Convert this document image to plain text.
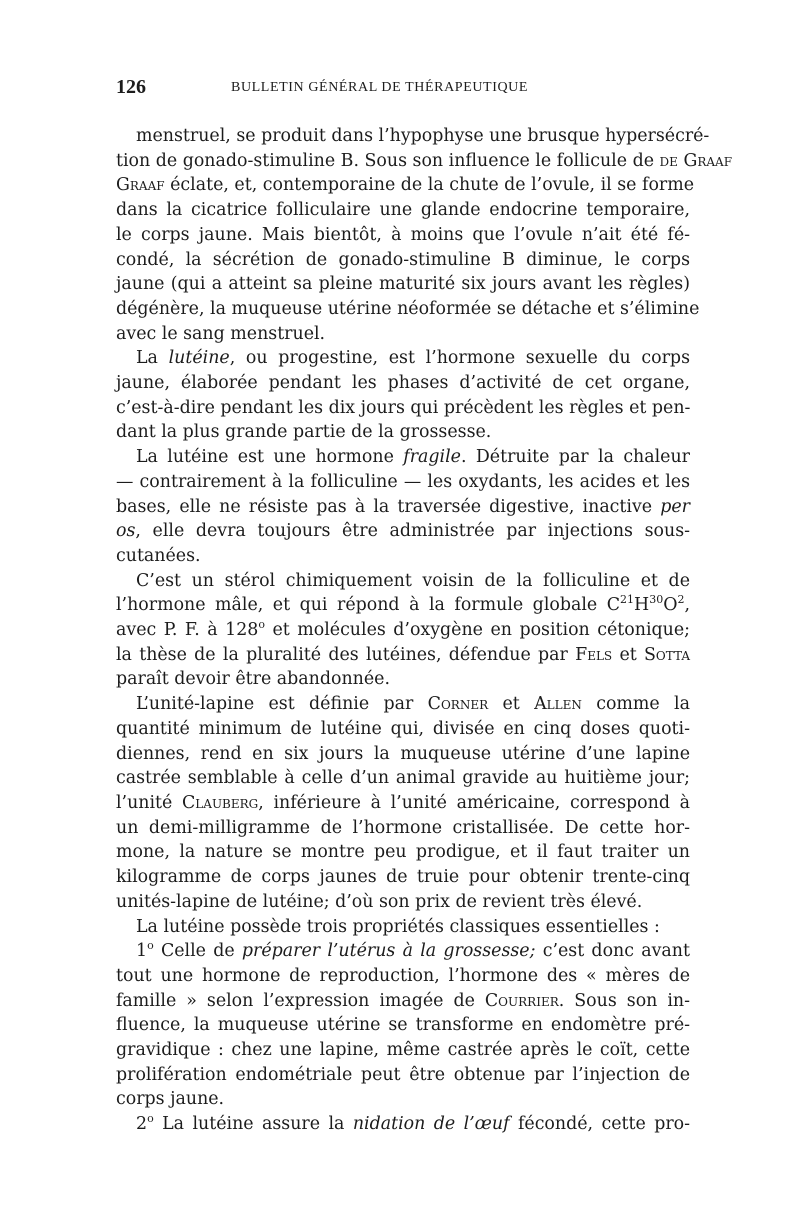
126	BULLETIN GÉNÉRAL DE THÉRAPEUTIQUE
menstruel, se produit dans l’hypophyse une brusque hypersécré-
tion de gonado-stimuline B. Sous son influence le follicule de de Graaf
Graaf éclate, et, contemporaine de la chute de l’ovule, il se forme
dans la cicatrice folliculaire une glande endocrine temporaire,
le corps jaune. Mais bientôt, à moins que l’ovule n’ait été fé-
condé, la sécrétion de gonado-stimuline B diminue, le corps
jaune (qui a atteint sa pleine maturité six jours avant les règles)
dégénère, la muqueuse utérine néoformée se détache et s’élimine
avec le sang menstruel.
La lutéine, ou progestine, est l’hormone sexuelle du corps
jaune, élaborée pendant les phases d’activité de cet organe,
c’est-à-dire pendant les dix jours qui précèdent les règles et pen-
dant la plus grande partie de la grossesse.
La lutéine est une hormone fragile. Détruite par la chaleur
— contrairement à la folliculine — les oxydants, les acides et les
bases, elle ne résiste pas à la traversée digestive, inactive per
os, elle devra toujours être administrée par injections sous-
cutanées.
C’est un stérol chimiquement voisin de la folliculine et de
l’hormone mâle, et qui répond à la formule globale $C^{21}H^{30}O^2$,
avec P. F. à 128$^o$ et molécules d’oxygène en position cétonique;
la thèse de la pluralité des lutéines, défendue par Fels et Sotta
paraît devoir être abandonnée.
L’unité-lapine est définie par Corner et Allen comme la
quantité minimum de lutéine qui, divisée en cinq doses quoti-
diennes, rend en six jours la muqueuse utérine d’une lapine
castrée semblable à celle d’un animal gravide au huitième jour;
l’unité Clauberg, inférieure à l’unité américaine, correspond à
un demi-milligramme de l’hormone cristallisée. De cette hor-
mone, la nature se montre peu prodigue, et il faut traiter un
kilogramme de corps jaunes de truie pour obtenir trente-cinq
unités-lapine de lutéine; d’où son prix de revient très élevé.
La lutéine possède trois propriétés classiques essentielles :
1$^o$ Celle de préparer l’utérus à la grossesse; c’est donc avant
tout une hormone de reproduction, l’hormone des « mères de
famille » selon l’expression imagée de Courrier. Sous son in-
fluence, la muqueuse utérine se transforme en endomètre pré-
gravidique : chez une lapine, même castrée après le coït, cette
prolifération endométriale peut être obtenue par l’injection de
corps jaune.
2$^o$ La lutéine assure la nidation de l’œuf fécondé, cette pro-
